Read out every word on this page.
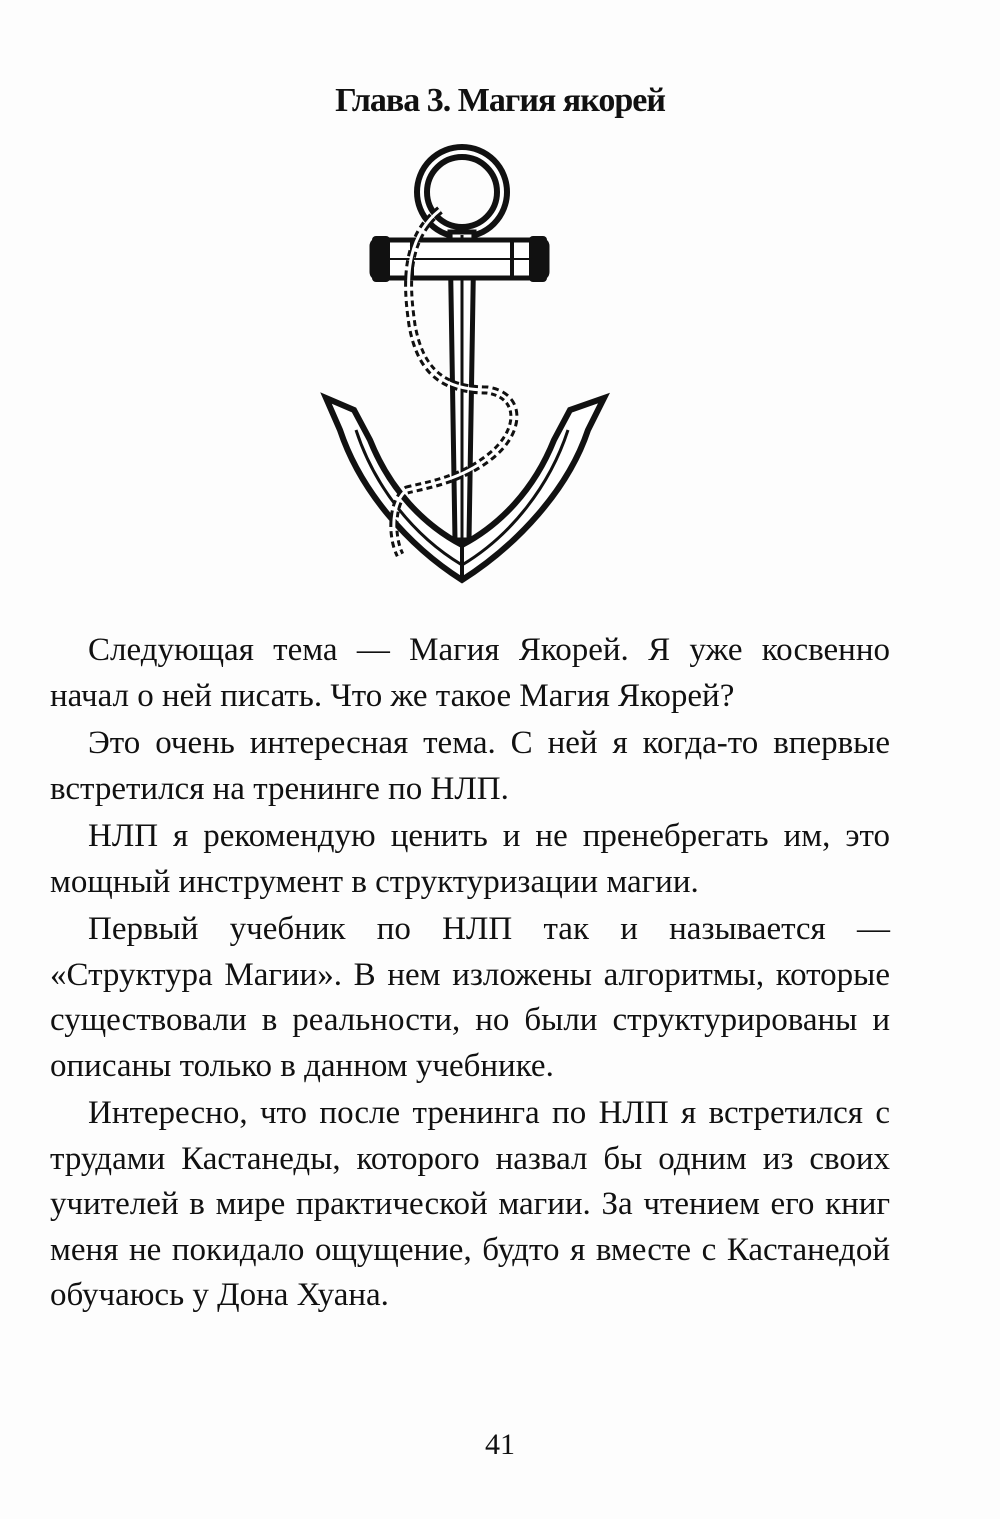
Глава 3. Магия якорей

Следующая тема — Магия Якорей. Я уже косвенно начал о ней писать. Что же такое Магия Якорей?

Это очень интересная тема. С ней я когда-то впервые встретился на тренинге по НЛП.

НЛП я рекомендую ценить и не пренебрегать им, это мощный инструмент в структуризации магии.

Первый учебник по НЛП так и называется — «Структура Магии». В нем изложены алгоритмы, которые существовали в реальности, но были структурированы и описаны только в данном учебнике.

Интересно, что после тренинга по НЛП я встретился с трудами Кастанеды, которого назвал бы одним из своих учителей в мире практической магии. За чтением его книг меня не покидало ощущение, будто я вместе с Кастанедой обучаюсь у Дона Хуана.

41
